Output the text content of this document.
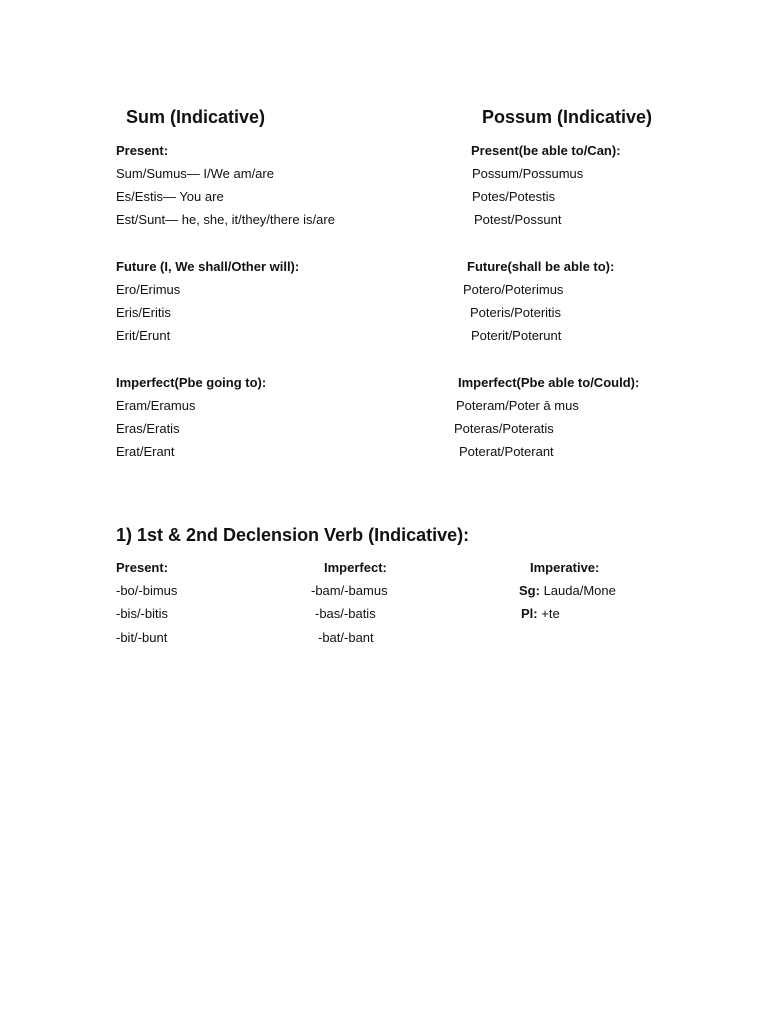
Sum (Indicative)	Possum (Indicative)
Present:
Sum/Sumus— I/We am/are
Es/Estis— You are
Est/Sunt— he, she, it/they/there is/are
Present(be able to/Can):
Possum/Possumus
Potes/Potestis
Potest/Possunt
Future (I, We shall/Other will):
Ero/Erimus
Eris/Eritis
Erit/Erunt
Future(shall be able to):
Potero/Poterimus
Poteris/Poteritis
Poterit/Poterunt
Imperfect(Pbe going to):
Eram/Eramus
Eras/Eratis
Erat/Erant
Imperfect(Pbe able to/Could):
Poteram/Poter ā mus
Poteras/Poteratis
Poterat/Poterant
1) 1st & 2nd Declension Verb (Indicative):
Present:
-bo/-bimus
-bis/-bitis
-bit/-bunt
Imperfect:
-bam/-bamus
-bas/-batis
-bat/-bant
Imperative:
Sg: Lauda/Mone
Pl: +te
